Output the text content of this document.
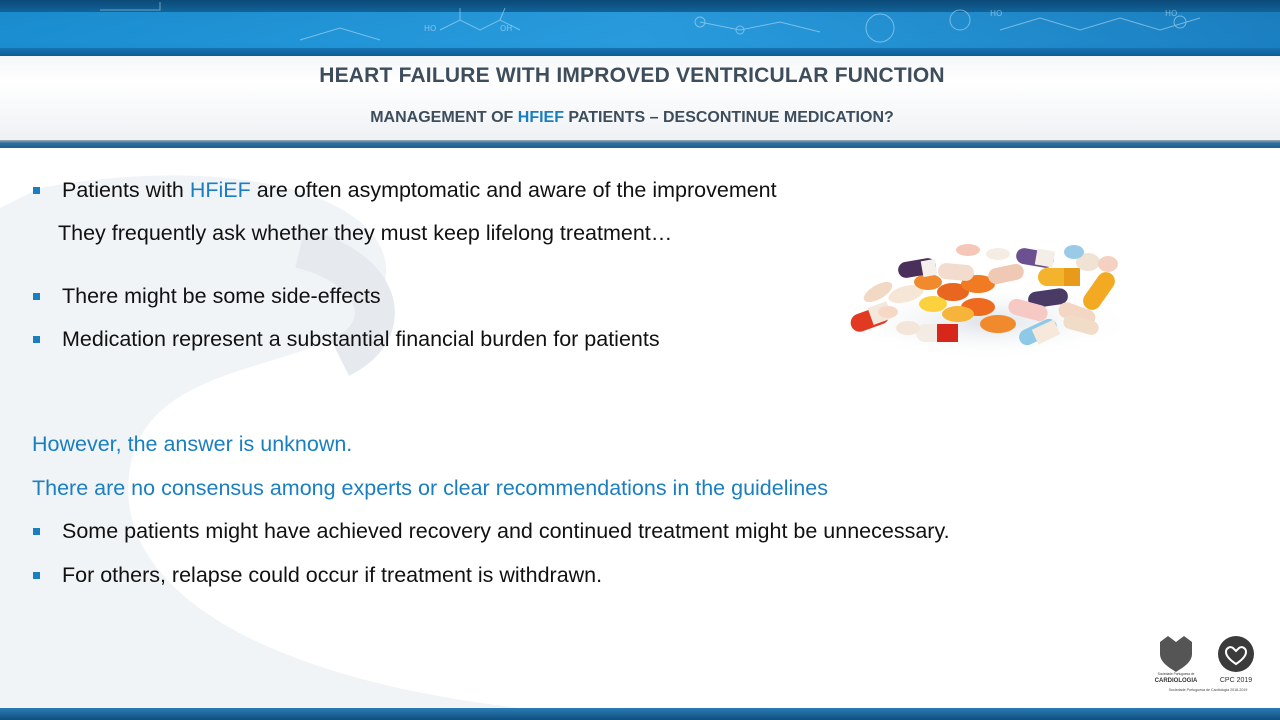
HO	OH
HO	HO
HEART FAILURE WITH IMPROVED VENTRICULAR FUNCTION
MANAGEMENT OF HFIEF PATIENTS – DESCONTINUE MEDICATION?
Patients with HFiEF are often asymptomatic and aware of the improvement
They frequently ask whether they must keep lifelong treatment…
There might be some side-effects
Medication represent a substantial financial burden for patients
However, the answer is unknown.
There are no consensus among experts or clear recommendations in the guidelines
Some patients might have achieved recovery and continued treatment might be unnecessary.
For others, relapse could occur if treatment is withdrawn.
Sociedade Portuguesa de
CARDIOLOGIA	CPC 2019
Sociedade Portuguesa de Cardiologia 2018-2019
